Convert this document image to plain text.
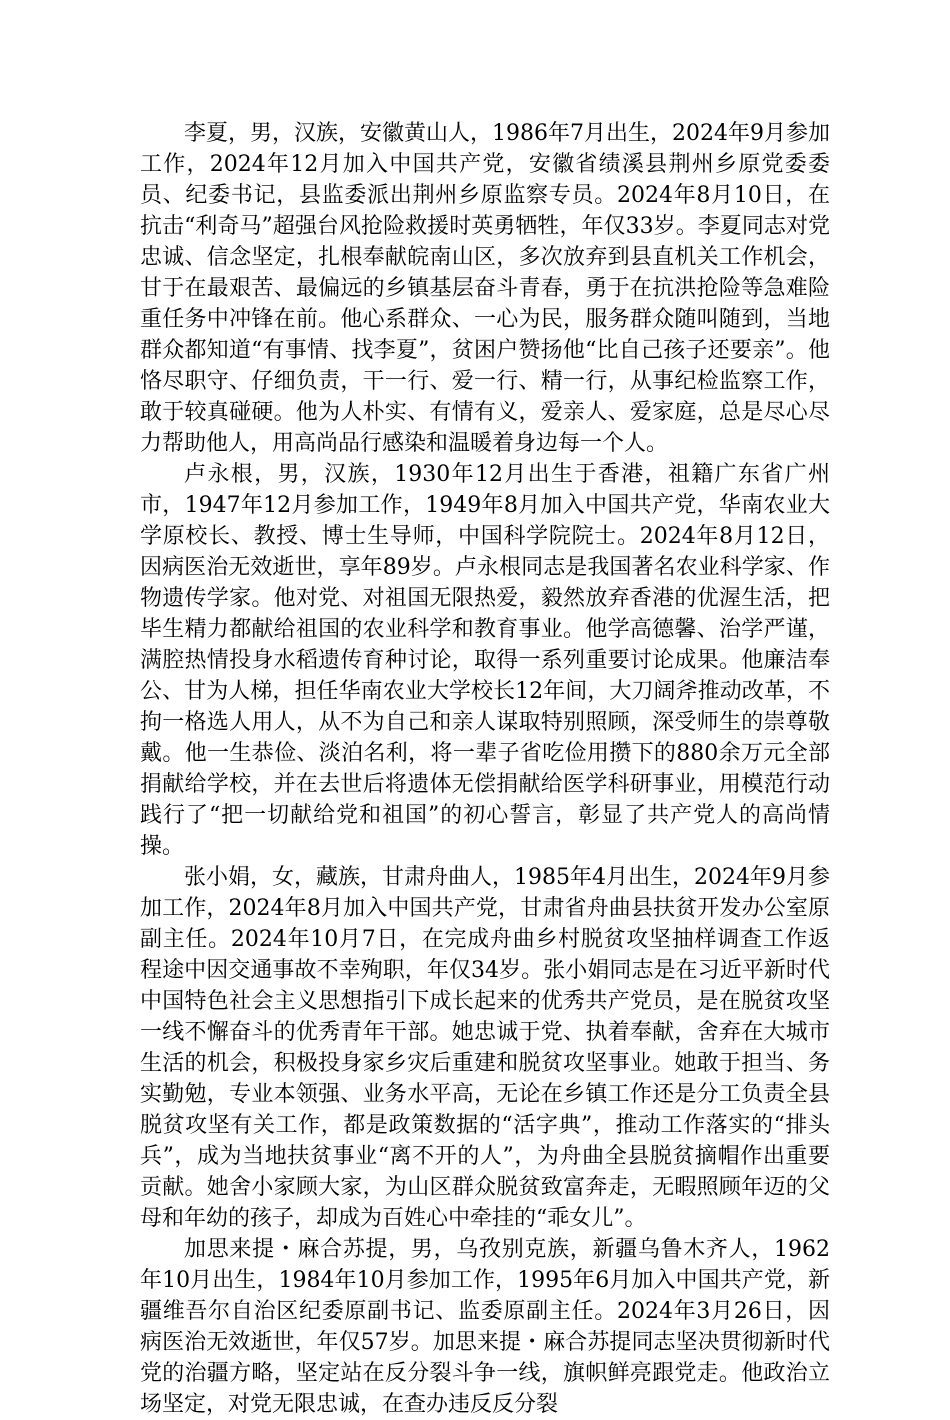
李夏，男，汉族，安徽黄山人，1986年7月出生，2024年9月参加工作，2024年12月加入中国共产党，安徽省绩溪县荆州乡原党委委员、纪委书记，县监委派出荆州乡原监察专员。2024年8月10日，在抗击“利奇马”超强台风抢险救援时英勇牺牲，年仅33岁。李夏同志对党忠诚、信念坚定，扎根奉献皖南山区，多次放弃到县直机关工作机会，甘于在最艰苦、最偏远的乡镇基层奋斗青春，勇于在抗洪抢险等急难险重任务中冲锋在前。他心系群众、一心为民，服务群众随叫随到，当地群众都知道“有事情、找李夏”，贫困户赞扬他“比自己孩子还要亲”。他恪尽职守、仔细负责，干一行、爱一行、精一行，从事纪检监察工作，敢于较真碰硬。他为人朴实、有情有义，爱亲人、爱家庭，总是尽心尽力帮助他人，用高尚品行感染和温暖着身边每一个人。

卢永根，男，汉族，1930年12月出生于香港，祖籍广东省广州市，1947年12月参加工作，1949年8月加入中国共产党，华南农业大学原校长、教授、博士生导师，中国科学院院士。2024年8月12日，因病医治无效逝世，享年89岁。卢永根同志是我国著名农业科学家、作物遗传学家。他对党、对祖国无限热爱，毅然放弃香港的优渥生活，把毕生精力都献给祖国的农业科学和教育事业。他学高德馨、治学严谨，满腔热情投身水稻遗传育种讨论，取得一系列重要讨论成果。他廉洁奉公、甘为人梯，担任华南农业大学校长12年间，大刀阔斧推动改革，不拘一格选人用人，从不为自己和亲人谋取特别照顾，深受师生的崇尊敬戴。他一生恭俭、淡泊名利，将一辈子省吃俭用攒下的880余万元全部捐献给学校，并在去世后将遗体无偿捐献给医学科研事业，用模范行动践行了“把一切献给党和祖国”的初心誓言，彰显了共产党人的高尚情操。

张小娟，女，藏族，甘肃舟曲人，1985年4月出生，2024年9月参加工作，2024年8月加入中国共产党，甘肃省舟曲县扶贫开发办公室原副主任。2024年10月7日，在完成舟曲乡村脱贫攻坚抽样调查工作返程途中因交通事故不幸殉职，年仅34岁。张小娟同志是在习近平新时代中国特色社会主义思想指引下成长起来的优秀共产党员，是在脱贫攻坚一线不懈奋斗的优秀青年干部。她忠诚于党、执着奉献，舍弃在大城市生活的机会，积极投身家乡灾后重建和脱贫攻坚事业。她敢于担当、务实勤勉，专业本领强、业务水平高，无论在乡镇工作还是分工负责全县脱贫攻坚有关工作，都是政策数据的“活字典”，推动工作落实的“排头兵”，成为当地扶贫事业“离不开的人”，为舟曲全县脱贫摘帽作出重要贡献。她舍小家顾大家，为山区群众脱贫致富奔走，无暇照顾年迈的父母和年幼的孩子，却成为百姓心中牵挂的“乖女儿”。

加思来提・麻合苏提，男，乌孜别克族，新疆乌鲁木齐人，1962年10月出生，1984年10月参加工作，1995年6月加入中国共产党，新疆维吾尔自治区纪委原副书记、监委原副主任。2024年3月26日，因病医治无效逝世，年仅57岁。加思来提・麻合苏提同志坚决贯彻新时代党的治疆方略，坚定站在反分裂斗争一线，旗帜鲜亮跟党走。他政治立场坚定，对党无限忠诚，在查办违反反分裂
